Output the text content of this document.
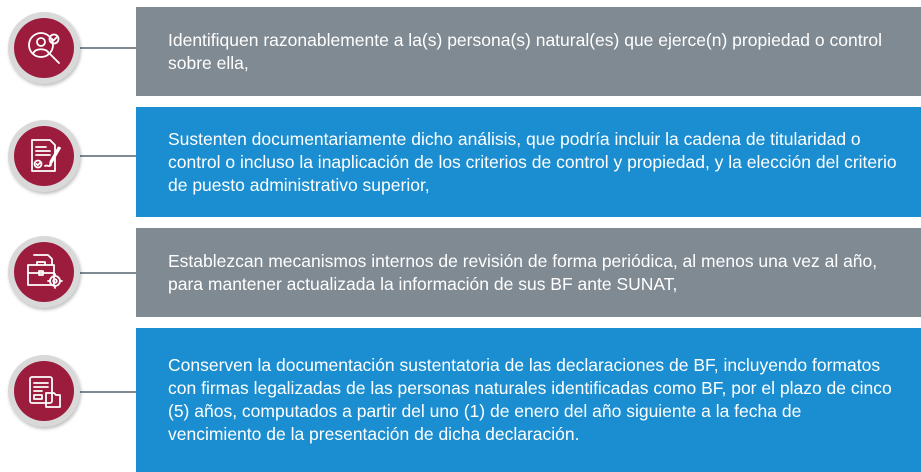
Identifiquen razonablemente a la(s) persona(s) natural(es) que ejerce(n) propiedad o control sobre ella,
Sustenten documentariamente dicho análisis, que podría incluir la cadena de titularidad o control o incluso la inaplicación de los criterios de control y propiedad, y la elección del criterio de puesto administrativo superior,
Establezcan mecanismos internos de revisión de forma periódica, al menos una vez al año, para mantener actualizada la información de sus BF ante SUNAT,
Conserven la documentación sustentatoria de las declaraciones de BF, incluyendo formatos con firmas legalizadas de las personas naturales identificadas como BF, por el plazo de cinco (5) años, computados a partir del uno (1) de enero del año siguiente a la fecha de vencimiento de la presentación de dicha declaración.
